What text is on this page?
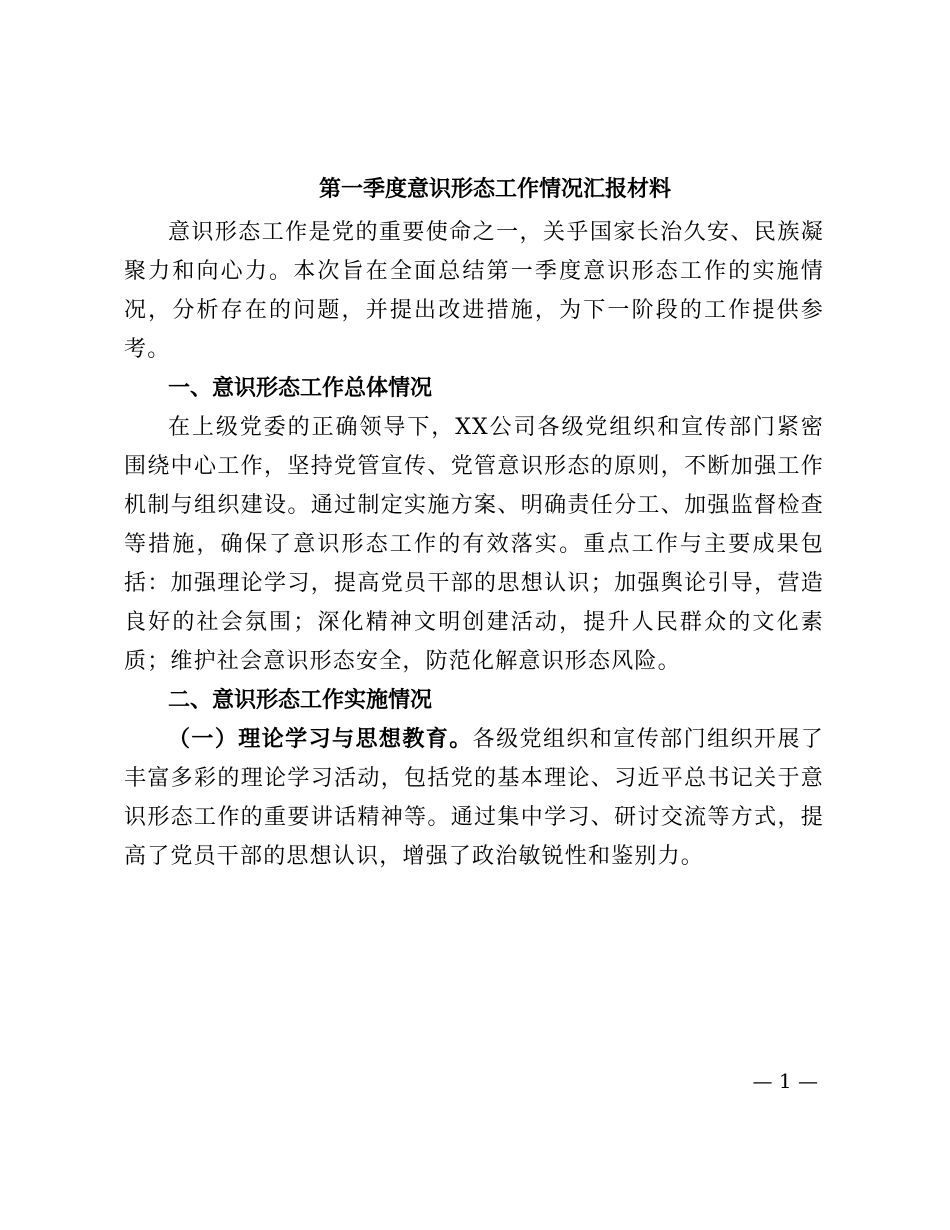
第一季度意识形态工作情况汇报材料

意识形态工作是党的重要使命之一，关乎国家长治久安、民族凝聚力和向心力。本次旨在全面总结第一季度意识形态工作的实施情况，分析存在的问题，并提出改进措施，为下一阶段的工作提供参考。

一、意识形态工作总体情况

在上级党委的正确领导下，XX公司各级党组织和宣传部门紧密围绕中心工作，坚持党管宣传、党管意识形态的原则，不断加强工作机制与组织建设。通过制定实施方案、明确责任分工、加强监督检查等措施，确保了意识形态工作的有效落实。重点工作与主要成果包括：加强理论学习，提高党员干部的思想认识；加强舆论引导，营造良好的社会氛围；深化精神文明创建活动，提升人民群众的文化素质；维护社会意识形态安全，防范化解意识形态风险。

二、意识形态工作实施情况

（一）理论学习与思想教育。各级党组织和宣传部门组织开展了丰富多彩的理论学习活动，包括党的基本理论、习近平总书记关于意识形态工作的重要讲话精神等。通过集中学习、研讨交流等方式，提高了党员干部的思想认识，增强了政治敏锐性和鉴别力。

— 1 —
